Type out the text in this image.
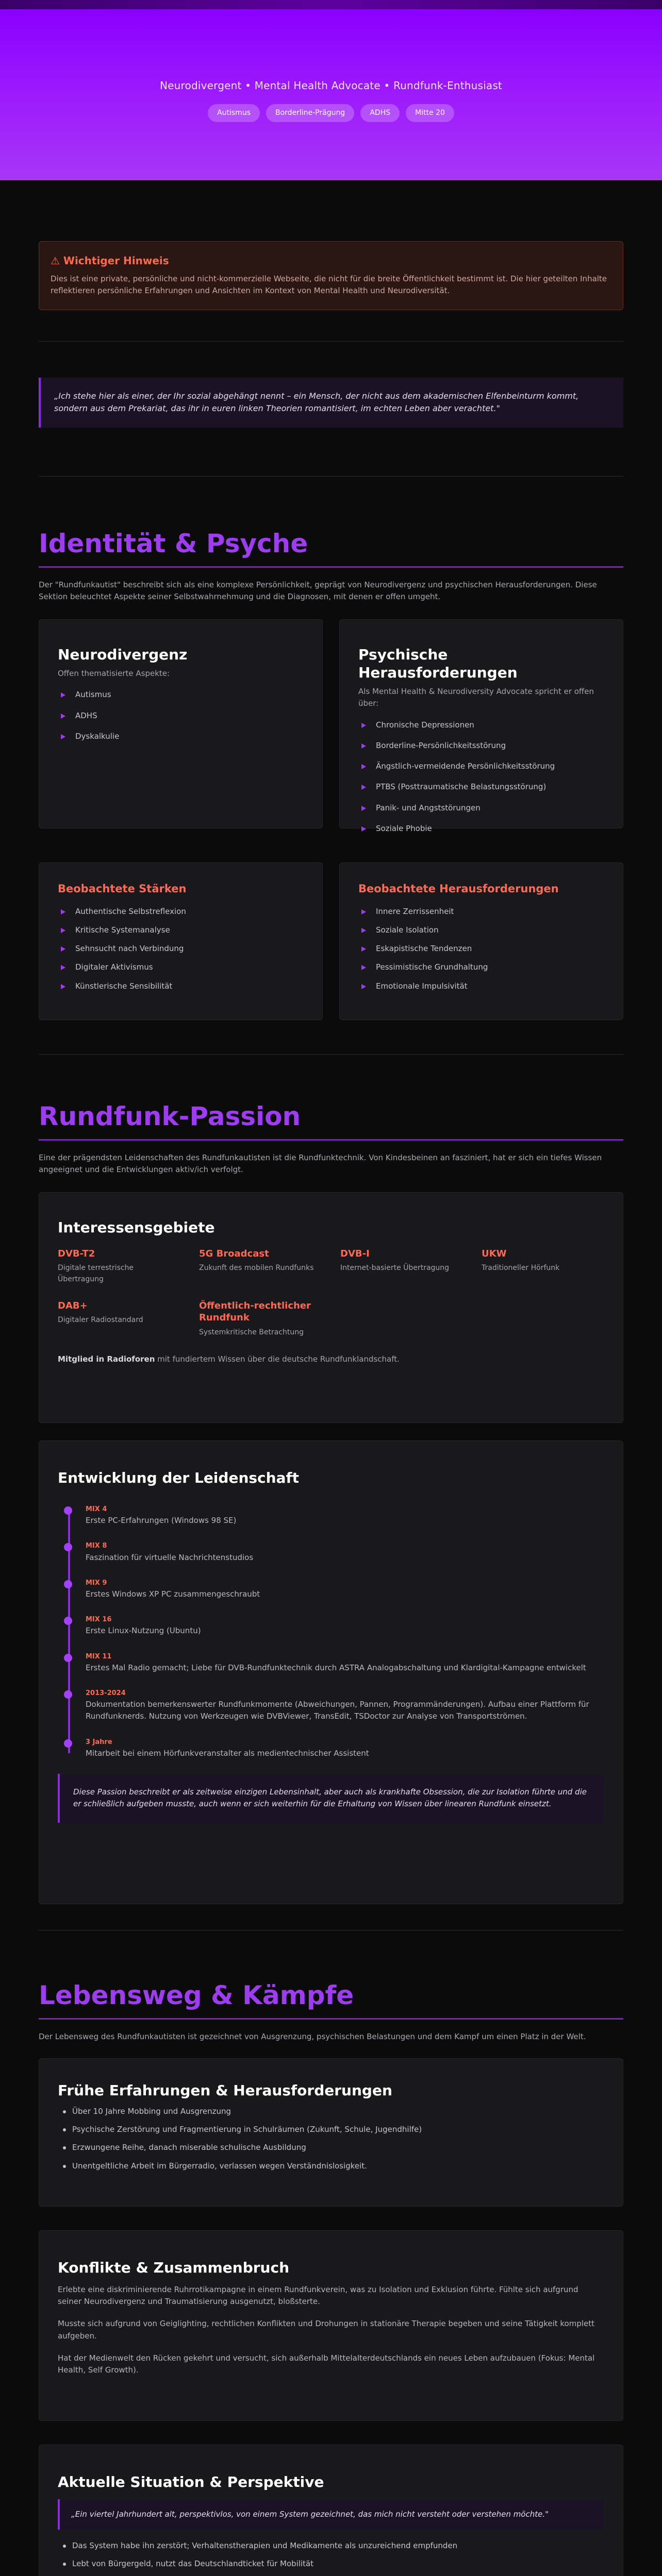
Neurodivergent • Mental Health Advocate • Rundfunk-Enthusiast
Autismus	Borderline-Prägung	ADHS	Mitte 20
⚠ Wichtiger Hinweis

Dies ist eine private, persönliche und nicht-kommerzielle Webseite, die nicht für die breite Öffentlichkeit bestimmt ist. Die hier geteilten Inhalte reflektieren persönliche Erfahrungen und Ansichten im Kontext von Mental Health und Neurodiversität.

„Ich stehe hier als einer, der Ihr sozial abgehängt nennt – ein Mensch, der nicht aus dem akademischen Elfenbeinturm kommt, sondern aus dem Prekariat, das ihr in euren linken Theorien romantisiert, im echten Leben aber verachtet."
Identität & Psyche

Der "Rundfunkautist" beschreibt sich als eine komplexe Persönlichkeit, geprägt von Neurodivergenz und psychischen Herausforderungen. Diese Sektion beleuchtet Aspekte seiner Selbstwahrnehmung und die Diagnosen, mit denen er offen umgeht.

Neurodivergenz

Offen thematisierte Aspekte:

Autismus
ADHS
Dyskalkulie
Psychische Herausforderungen

Als Mental Health & Neurodiversity Advocate spricht er offen über:

Chronische Depressionen
Borderline-Persönlichkeitsstörung
Ängstlich-vermeidende Persönlichkeitsstörung
PTBS (Posttraumatische Belastungsstörung)
Panik- und Angststörungen
Soziale Phobie
Beobachtete Stärken
Authentische Selbstreflexion
Kritische Systemanalyse
Sehnsucht nach Verbindung
Digitaler Aktivismus
Künstlerische Sensibilität
Beobachtete Herausforderungen
Innere Zerrissenheit
Soziale Isolation
Eskapistische Tendenzen
Pessimistische Grundhaltung
Emotionale Impulsivität
Rundfunk-Passion

Eine der prägendsten Leidenschaften des Rundfunkautisten ist die Rundfunktechnik. Von Kindesbeinen an fasziniert, hat er sich ein tiefes Wissen angeeignet und die Entwicklungen aktiv/ich verfolgt.

Interessensgebiete
DVB-T2
Digitale terrestrische Übertragung
5G Broadcast
Zukunft des mobilen Rundfunks
DVB-I
Internet-basierte Übertragung
UKW
Traditioneller Hörfunk
DAB+
Digitaler Radiostandard
Öffentlich-rechtlicher Rundfunk
Systemkritische Betrachtung

Mitglied in Radioforen mit fundiertem Wissen über die deutsche Rundfunklandschaft.

Entwicklung der Leidenschaft
MIX 4
Erste PC-Erfahrungen (Windows 98 SE)
MIX 8
Faszination für virtuelle Nachrichtenstudios
MIX 9
Erstes Windows XP PC zusammengeschraubt
MIX 16
Erste Linux-Nutzung (Ubuntu)
MIX 11
Erstes Mal Radio gemacht; Liebe für DVB-Rundfunktechnik durch ASTRA Analogabschaltung und Klardigital-Kampagne entwickelt
2013-2024
Dokumentation bemerkenswerter Rundfunkmomente (Abweichungen, Pannen, Programmänderungen). Aufbau einer Plattform für Rundfunknerds. Nutzung von Werkzeugen wie DVBViewer, TransEdit, TSDoctor zur Analyse von Transportströmen.
3 Jahre
Mitarbeit bei einem Hörfunkveranstalter als medientechnischer Assistent
Diese Passion beschreibt er als zeitweise einzigen Lebensinhalt, aber auch als krankhafte Obsession, die zur Isolation führte und die er schließlich aufgeben musste, auch wenn er sich weiterhin für die Erhaltung von Wissen über linearen Rundfunk einsetzt.
Lebensweg & Kämpfe

Der Lebensweg des Rundfunkautisten ist gezeichnet von Ausgrenzung, psychischen Belastungen und dem Kampf um einen Platz in der Welt.

Frühe Erfahrungen & Herausforderungen
Über 10 Jahre Mobbing und Ausgrenzung
Psychische Zerstörung und Fragmentierung in Schulräumen (Zukunft, Schule, Jugendhilfe)
Erzwungene Reihe, danach miserable schulische Ausbildung
Unentgeltliche Arbeit im Bürgerradio, verlassen wegen Verständnislosigkeit.
Konflikte & Zusammenbruch

Erlebte eine diskriminierende Ruhrrotikampagne in einem Rundfunkverein, was zu Isolation und Exklusion führte. Fühlte sich aufgrund seiner Neurodivergenz und Traumatisierung ausgenutzt, bloßsterte.

Musste sich aufgrund von Geiglighting, rechtlichen Konflikten und Drohungen in stationäre Therapie begeben und seine Tätigkeit komplett aufgeben.

Hat der Medienwelt den Rücken gekehrt und versucht, sich außerhalb Mittelalterdeutschlands ein neues Leben aufzubauen (Fokus: Mental Health, Self Growth).

Aktuelle Situation & Perspektive
„Ein viertel Jahrhundert alt, perspektivlos, von einem System gezeichnet, das mich nicht versteht oder verstehen möchte."
Das System habe ihn zerstört; Verhaltenstherapien und Medikamente als unzureichend empfunden
Lebt von Bürgergeld, nutzt das Deutschlandticket für Mobilität
